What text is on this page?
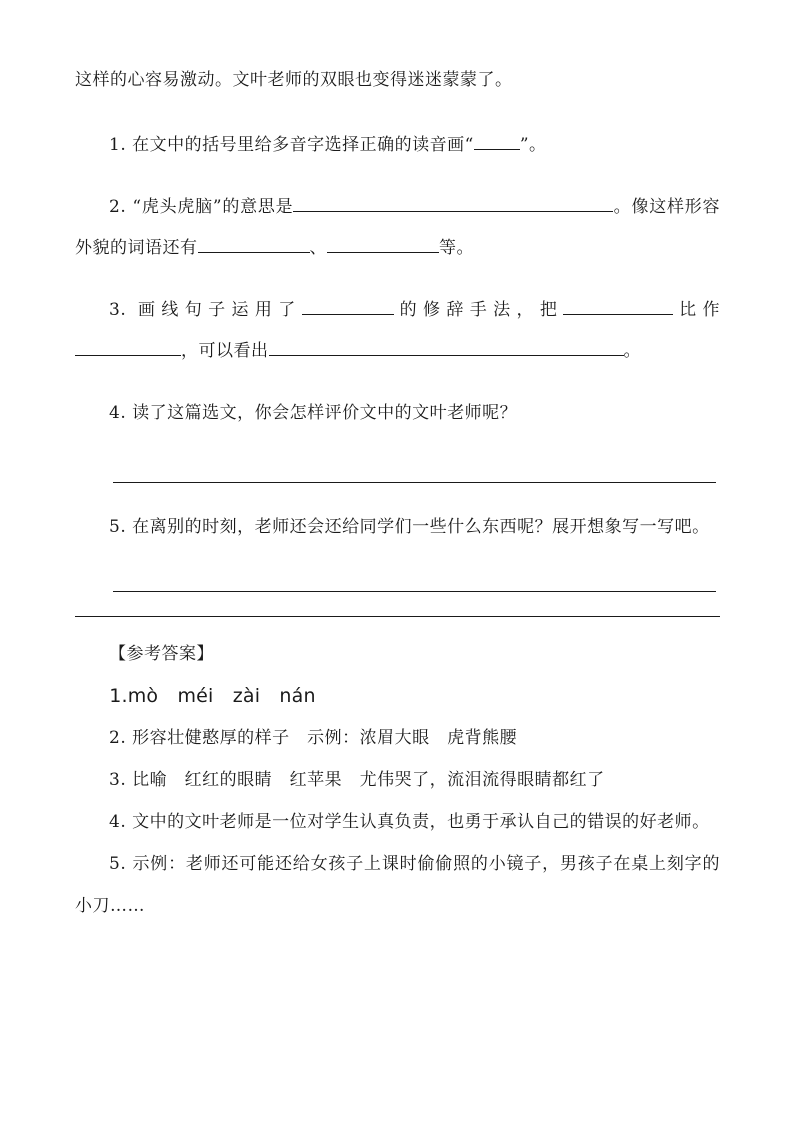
这样的心容易激动。文叶老师的双眼也变得迷迷蒙蒙了。

1. 在文中的括号里给多音字选择正确的读音画“	”。

2. “虎头虎脑”的意思是	。像这样形容外貌的词语还有	、	等。

3. 画线句子运用了	的修辞手法，把	比作，可以看出	。

4. 读了这篇选文，你会怎样评价文中的文叶老师呢？

5. 在离别的时刻，老师还会还给同学们一些什么东西呢？展开想象写一写吧。

【参考答案】

1.mò　méi　zài　nán

2. 形容壮健憨厚的样子　示例：浓眉大眼　虎背熊腰

3. 比喻　红红的眼睛　红苹果　尤伟哭了，流泪流得眼睛都红了

4. 文中的文叶老师是一位对学生认真负责，也勇于承认自己的错误的好老师。

5. 示例：老师还可能还给女孩子上课时偷偷照的小镜子，男孩子在桌上刻字的小刀……
